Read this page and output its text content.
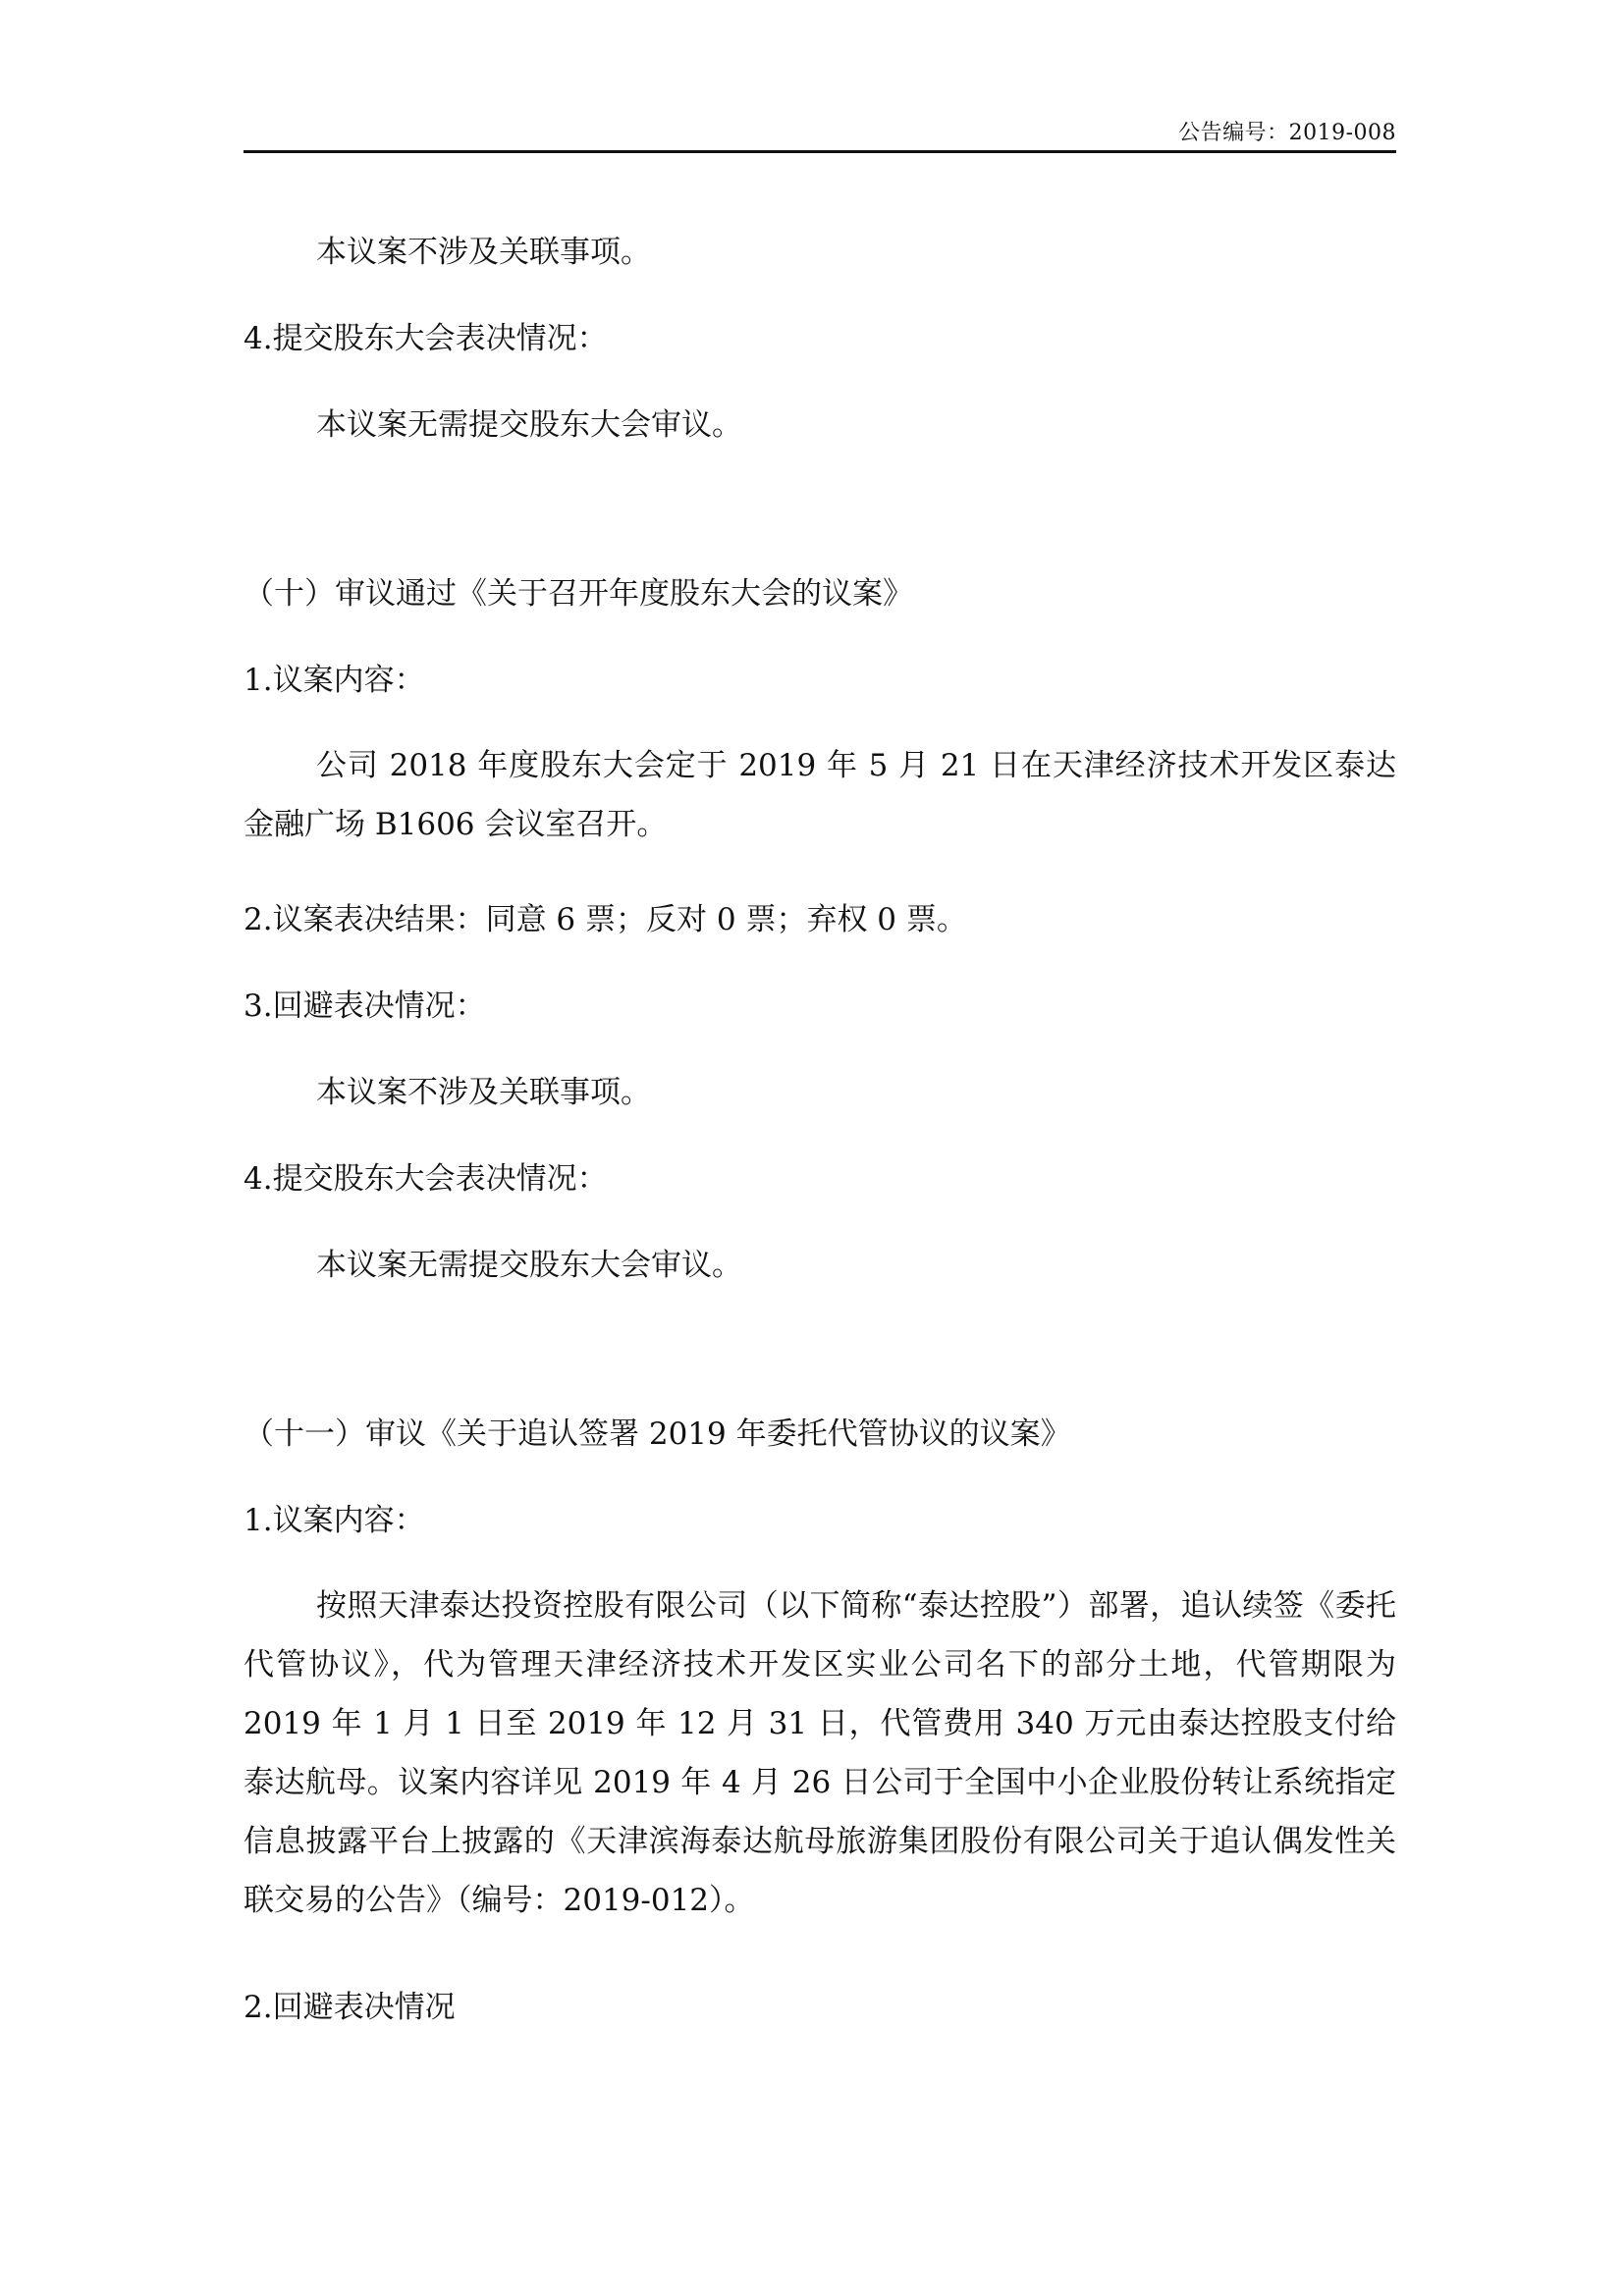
公告编号：2019-008
本议案不涉及关联事项。
4.提交股东大会表决情况：
本议案无需提交股东大会审议。
（十）审议通过《关于召开年度股东大会的议案》
1.议案内容：
公司 2018 年度股东大会定于 2019 年 5 月 21 日在天津经济技术开发区泰达金融广场 B1606 会议室召开。
2.议案表决结果：同意 6 票；反对 0 票；弃权 0 票。
3.回避表决情况：
本议案不涉及关联事项。
4.提交股东大会表决情况：
本议案无需提交股东大会审议。
（十一）审议《关于追认签署 2019 年委托代管协议的议案》
1.议案内容：
按照天津泰达投资控股有限公司（以下简称“泰达控股”）部署，追认续签《委托代管协议》，代为管理天津经济技术开发区实业公司名下的部分土地，代管期限为 2019 年 1 月 1 日至 2019 年 12 月 31 日，代管费用 340 万元由泰达控股支付给泰达航母。议案内容详见 2019 年 4 月 26 日公司于全国中小企业股份转让系统指定信息披露平台上披露的《天津滨海泰达航母旅游集团股份有限公司关于追认偶发性关联交易的公告》（编号：2019-012）。
2.回避表决情况
